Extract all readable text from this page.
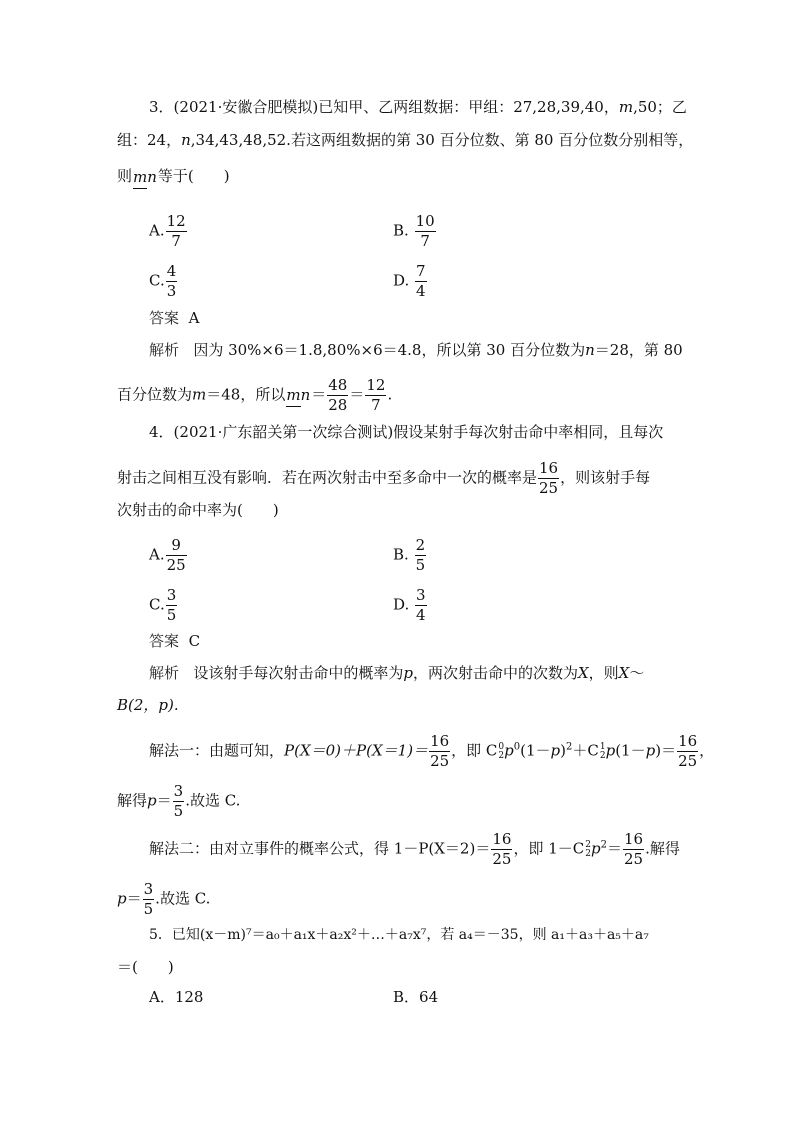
3．(2021·安徽合肥模拟)已知甲、乙两组数据：甲组：27,28,39,40，m,50；乙
组：24，n,34,43,48,52.若这两组数据的第 30 百分位数、第 80 百分位数分别相等，
则mn等于(　　)
A. $\frac{12}{7}$	B. $\frac{10}{7}$
C. $\frac{4}{3}$	D. $\frac{7}{4}$
答案 A
解析 因为 30%×6＝1.8,80%×6＝4.8，所以第 30 百分位数为n＝28，第 80
百分位数为m＝48，所以$mn= \frac{48}{28} = \frac{12}{7}$ .
4．(2021·广东韶关第一次综合测试)假设某射手每次射击命中率相同，且每次
射击之间相互没有影响．若在两次射击中至多命中一次的概率是 $\frac{16}{25}$ ，则该射手每
次射击的命中率为(　　)
A. $\frac{9}{25}$	B. $\frac{2}{5}$
C. $\frac{3}{5}$	D. $\frac{3}{4}$
答案 C
解析 设该射手每次射击命中的概率为p，两次射击命中的次数为X，则X～
B(2，p).
解法一：由题可知，$P(X=0)+P(X=1)= \frac{16}{25}$ ，即 C 0
2 $p^0(1-p)^2+C$ 1
2 $p(1-p)= \frac{16}{25}$ ，
解得$p= \frac{3}{5}$ .故选 C.
解法二：由对立事件的概率公式，得 $1-P(X=2)= \frac{16}{25}$ ，即 1－C 2
2 $p^2= \frac{16}{25}$ .解得
$p= \frac{3}{5}$ .故选 C.
5．已知(x－m)⁷＝a₀＋a₁x＋a₂x²＋…＋a₇x⁷，若 a₄＝－35，则 a₁＋a₃＋a₅＋a₇
＝(　　)
A．128	B．64
